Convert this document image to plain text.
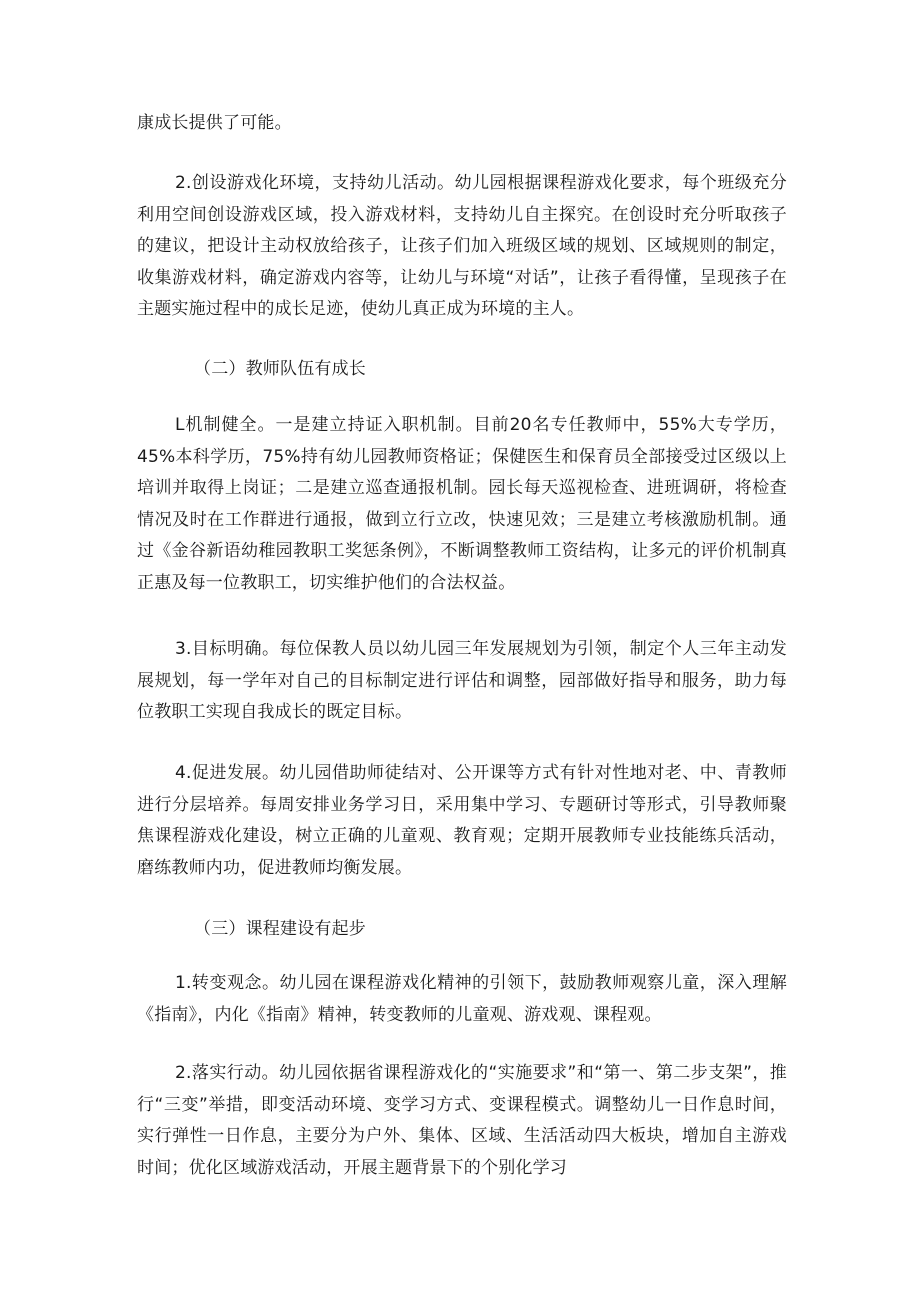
康成长提供了可能。

2.创设游戏化环境，支持幼儿活动。幼儿园根据课程游戏化要求，每个班级充分利用空间创设游戏区域，投入游戏材料，支持幼儿自主探究。在创设时充分听取孩子的建议，把设计主动权放给孩子，让孩子们加入班级区域的规划、区域规则的制定，收集游戏材料，确定游戏内容等，让幼儿与环境“对话”，让孩子看得懂，呈现孩子在主题实施过程中的成长足迹，使幼儿真正成为环境的主人。

（二）教师队伍有成长

L机制健全。一是建立持证入职机制。目前20名专任教师中，55%大专学历，45%本科学历，75%持有幼儿园教师资格证；保健医生和保育员全部接受过区级以上培训并取得上岗证；二是建立巡查通报机制。园长每天巡视检查、进班调研，将检查情况及时在工作群进行通报，做到立行立改，快速见效；三是建立考核激励机制。通过《金谷新语幼稚园教职工奖惩条例》，不断调整教师工资结构，让多元的评价机制真正惠及每一位教职工，切实维护他们的合法权益。

3.目标明确。每位保教人员以幼儿园三年发展规划为引领，制定个人三年主动发展规划，每一学年对自己的目标制定进行评估和调整，园部做好指导和服务，助力每位教职工实现自我成长的既定目标。

4.促进发展。幼儿园借助师徒结对、公开课等方式有针对性地对老、中、青教师进行分层培养。每周安排业务学习日，采用集中学习、专题研讨等形式，引导教师聚焦课程游戏化建设，树立正确的儿童观、教育观；定期开展教师专业技能练兵活动，磨练教师内功，促进教师均衡发展。

（三）课程建设有起步

1.转变观念。幼儿园在课程游戏化精神的引领下，鼓励教师观察儿童，深入理解《指南》，内化《指南》精神，转变教师的儿童观、游戏观、课程观。

2.落实行动。幼儿园依据省课程游戏化的“实施要求”和“第一、第二步支架”，推行“三变”举措，即变活动环境、变学习方式、变课程模式。调整幼儿一日作息时间，实行弹性一日作息，主要分为户外、集体、区域、生活活动四大板块，增加自主游戏时间；优化区域游戏活动，开展主题背景下的个别化学习
